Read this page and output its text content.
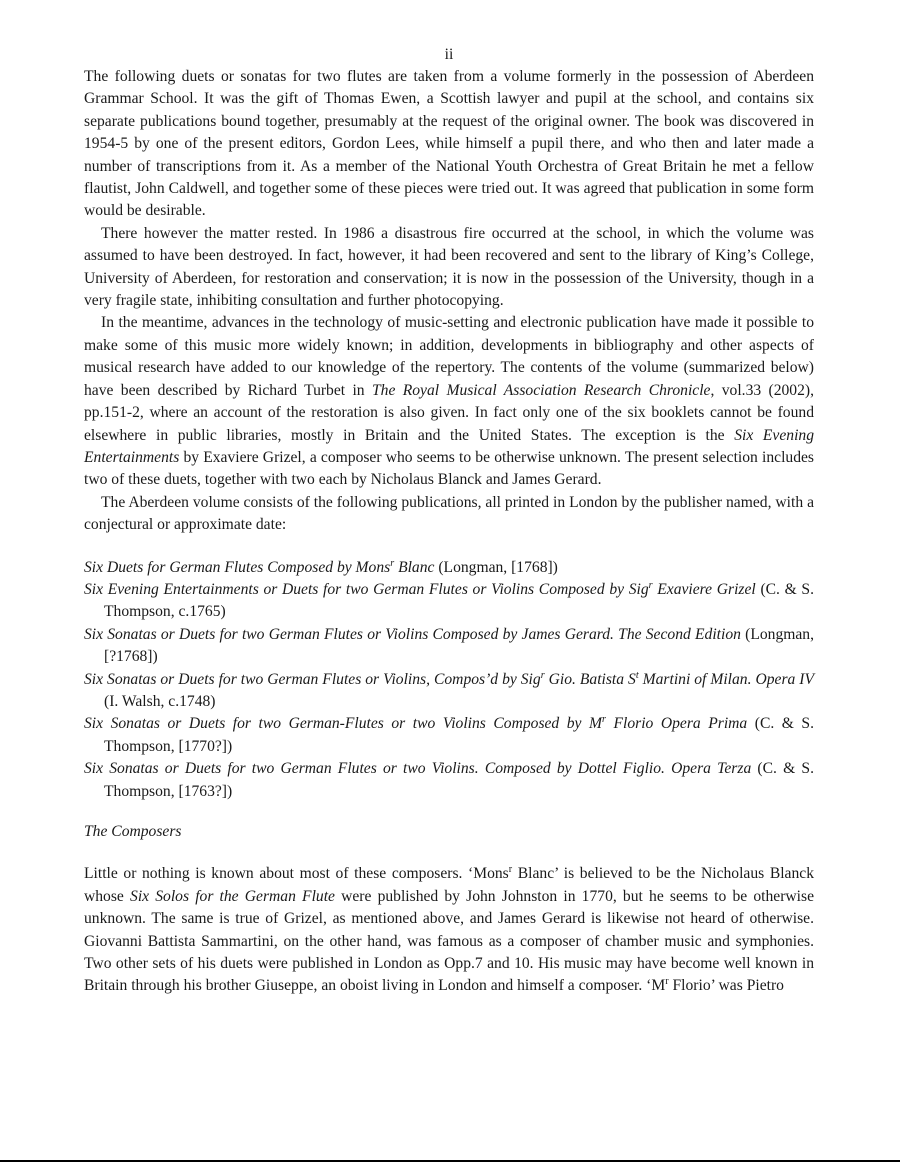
ii

The following duets or sonatas for two flutes are taken from a volume formerly in the possession of Aberdeen Grammar School. It was the gift of Thomas Ewen, a Scottish lawyer and pupil at the school, and contains six separate publications bound together, presumably at the request of the original owner. The book was discovered in 1954-5 by one of the present editors, Gordon Lees, while himself a pupil there, and who then and later made a number of transcriptions from it. As a member of the National Youth Orchestra of Great Britain he met a fellow flautist, John Caldwell, and together some of these pieces were tried out. It was agreed that publication in some form would be desirable.

There however the matter rested. In 1986 a disastrous fire occurred at the school, in which the volume was assumed to have been destroyed. In fact, however, it had been recovered and sent to the library of King’s College, University of Aberdeen, for restoration and conservation; it is now in the possession of the University, though in a very fragile state, inhibiting consultation and further photocopying.

In the meantime, advances in the technology of music-setting and electronic publication have made it possible to make some of this music more widely known; in addition, developments in bibliography and other aspects of musical research have added to our knowledge of the repertory. The contents of the volume (summarized below) have been described by Richard Turbet in The Royal Musical Association Research Chronicle, vol.33 (2002), pp.151-2, where an account of the restoration is also given. In fact only one of the six booklets cannot be found elsewhere in public libraries, mostly in Britain and the United States. The exception is the Six Evening Entertainments by Exaviere Grizel, a composer who seems to be otherwise unknown. The present selection includes two of these duets, together with two each by Nicholaus Blanck and James Gerard.

The Aberdeen volume consists of the following publications, all printed in London by the publisher named, with a conjectural or approximate date:

Six Duets for German Flutes Composed by Mons$^r$ Blanc (Longman, [1768])
Six Evening Entertainments or Duets for two German Flutes or Violins Composed by Sig$^r$ Exaviere Grizel (C. & S. Thompson, c.1765)
Six Sonatas or Duets for two German Flutes or Violins Composed by James Gerard. The Second Edition (Longman, [?1768])
Six Sonatas or Duets for two German Flutes or Violins, Compos’d by Sig$^r$ Gio. Batista $S^t$ Martini of Milan. Opera IV (I. Walsh, c.1748)
Six Sonatas or Duets for two German-Flutes or two Violins Composed by $M^r$ Florio Opera Prima (C. & S. Thompson, [1770?])
Six Sonatas or Duets for two German Flutes or two Violins. Composed by Dottel Figlio. Opera Terza (C. & S. Thompson, [1763?])

The Composers

Little or nothing is known about most of these composers. ‘Mons$^r$ Blanc’ is believed to be the Nicholaus Blanck whose Six Solos for the German Flute were published by John Johnston in 1770, but he seems to be otherwise unknown. The same is true of Grizel, as mentioned above, and James Gerard is likewise not heard of otherwise. Giovanni Battista Sammartini, on the other hand, was famous as a composer of chamber music and symphonies. Two other sets of his duets were published in London as Opp.7 and 10. His music may have become well known in Britain through his brother Giuseppe, an oboist living in London and himself a composer. ‘$M^r$ Florio’ was Pietro
